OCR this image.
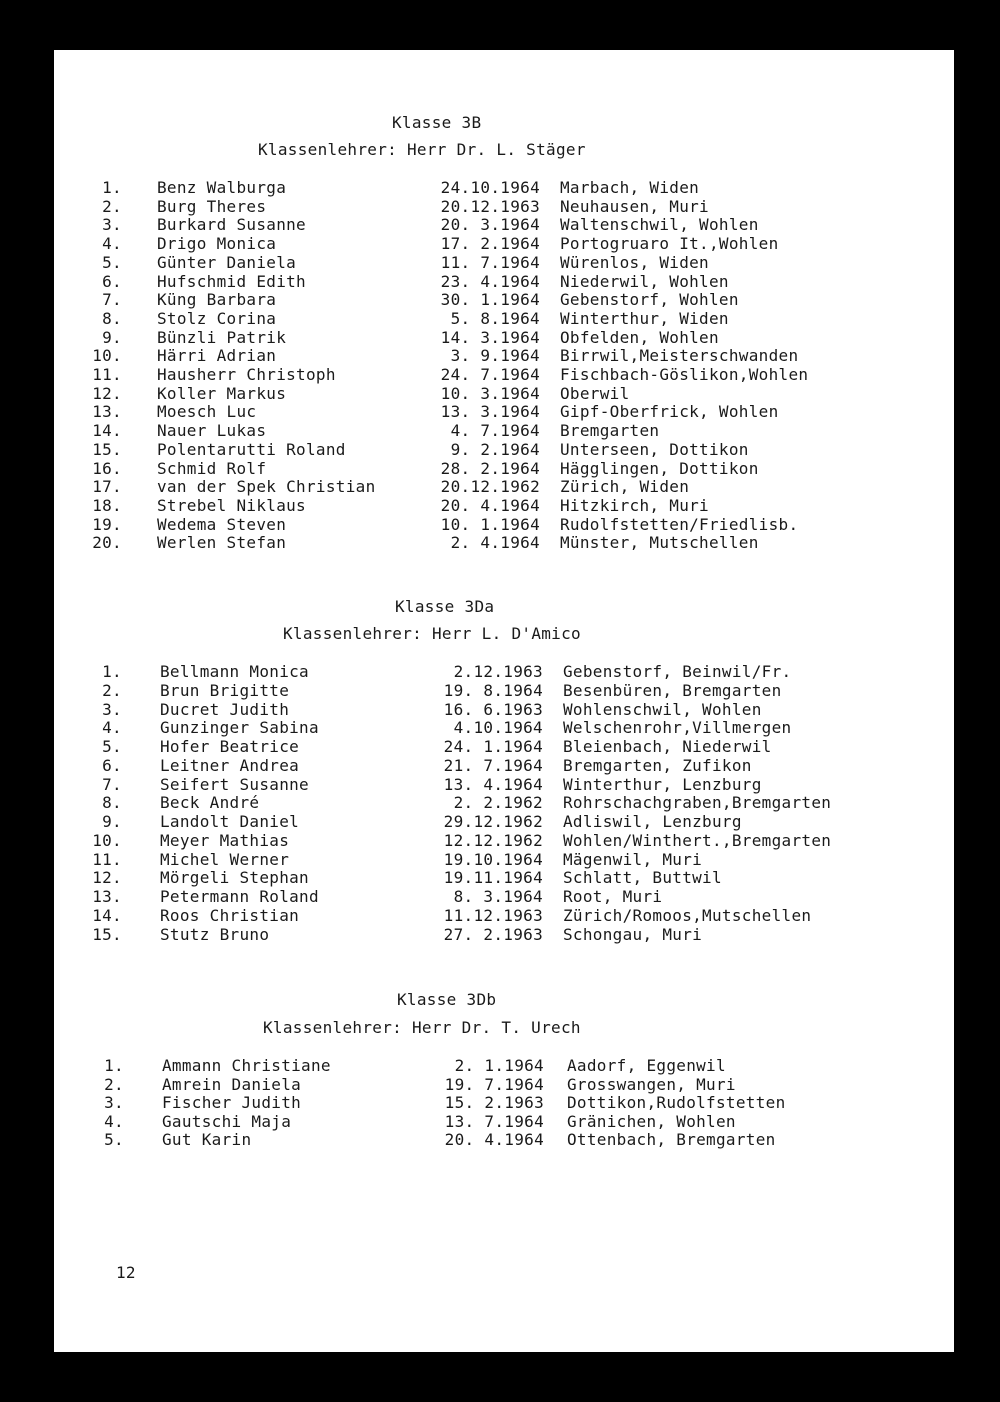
Klasse 3B
Klassenlehrer: Herr Dr. L. Stäger
1. Benz Walburga	24.10.1964 Marbach, Widen
2. Burg Theres	20.12.1963 Neuhausen, Muri
3. Burkard Susanne	20. 3.1964 Waltenschwil, Wohlen
4. Drigo Monica	17. 2.1964 Portogruaro It.,Wohlen
5. Günter Daniela	11. 7.1964 Würenlos, Widen
6. Hufschmid Edith	23. 4.1964 Niederwil, Wohlen
7. Küng Barbara	30. 1.1964 Gebenstorf, Wohlen
8. Stolz Corina	5. 8.1964 Winterthur, Widen
9. Bünzli Patrik	14. 3.1964 Obfelden, Wohlen
10. Härri Adrian	3. 9.1964 Birrwil,Meisterschwanden
11. Hausherr Christoph	24. 7.1964 Fischbach-Göslikon,Wohlen
12. Koller Markus	10. 3.1964 Oberwil
13. Moesch Luc	13. 3.1964 Gipf-Oberfrick, Wohlen
14. Nauer Lukas	4. 7.1964 Bremgarten
15. Polentarutti Roland	9. 2.1964 Unterseen, Dottikon
16. Schmid Rolf	28. 2.1964 Hägglingen, Dottikon
17. van der Spek Christian	20.12.1962 Zürich, Widen
18. Strebel Niklaus	20. 4.1964 Hitzkirch, Muri
19. Wedema Steven	10. 1.1964 Rudolfstetten/Friedlisb.
20. Werlen Stefan	2. 4.1964 Münster, Mutschellen
Klasse 3Da
Klassenlehrer: Herr L. D'Amico
1. Bellmann Monica	2.12.1963 Gebenstorf, Beinwil/Fr.
2. Brun Brigitte	19. 8.1964 Besenbüren, Bremgarten
3. Ducret Judith	16. 6.1963 Wohlenschwil, Wohlen
4. Gunzinger Sabina	4.10.1964 Welschenrohr,Villmergen
5. Hofer Beatrice	24. 1.1964 Bleienbach, Niederwil
6. Leitner Andrea	21. 7.1964 Bremgarten, Zufikon
7. Seifert Susanne	13. 4.1964 Winterthur, Lenzburg
8. Beck André	2. 2.1962 Rohrschachgraben,Bremgarten
9. Landolt Daniel	29.12.1962 Adliswil, Lenzburg
10. Meyer Mathias	12.12.1962 Wohlen/Winthert.,Bremgarten
11. Michel Werner	19.10.1964 Mägenwil, Muri
12. Mörgeli Stephan	19.11.1964 Schlatt, Buttwil
13. Petermann Roland	8. 3.1964 Root, Muri
14. Roos Christian	11.12.1963 Zürich/Romoos,Mutschellen
15. Stutz Bruno	27. 2.1963 Schongau, Muri
Klasse 3Db
Klassenlehrer: Herr Dr. T. Urech
1. Ammann Christiane	2. 1.1964 Aadorf, Eggenwil
2. Amrein Daniela	19. 7.1964 Grosswangen, Muri
3. Fischer Judith	15. 2.1963 Dottikon,Rudolfstetten
4. Gautschi Maja	13. 7.1964 Gränichen, Wohlen
5. Gut Karin	20. 4.1964 Ottenbach, Bremgarten
12
